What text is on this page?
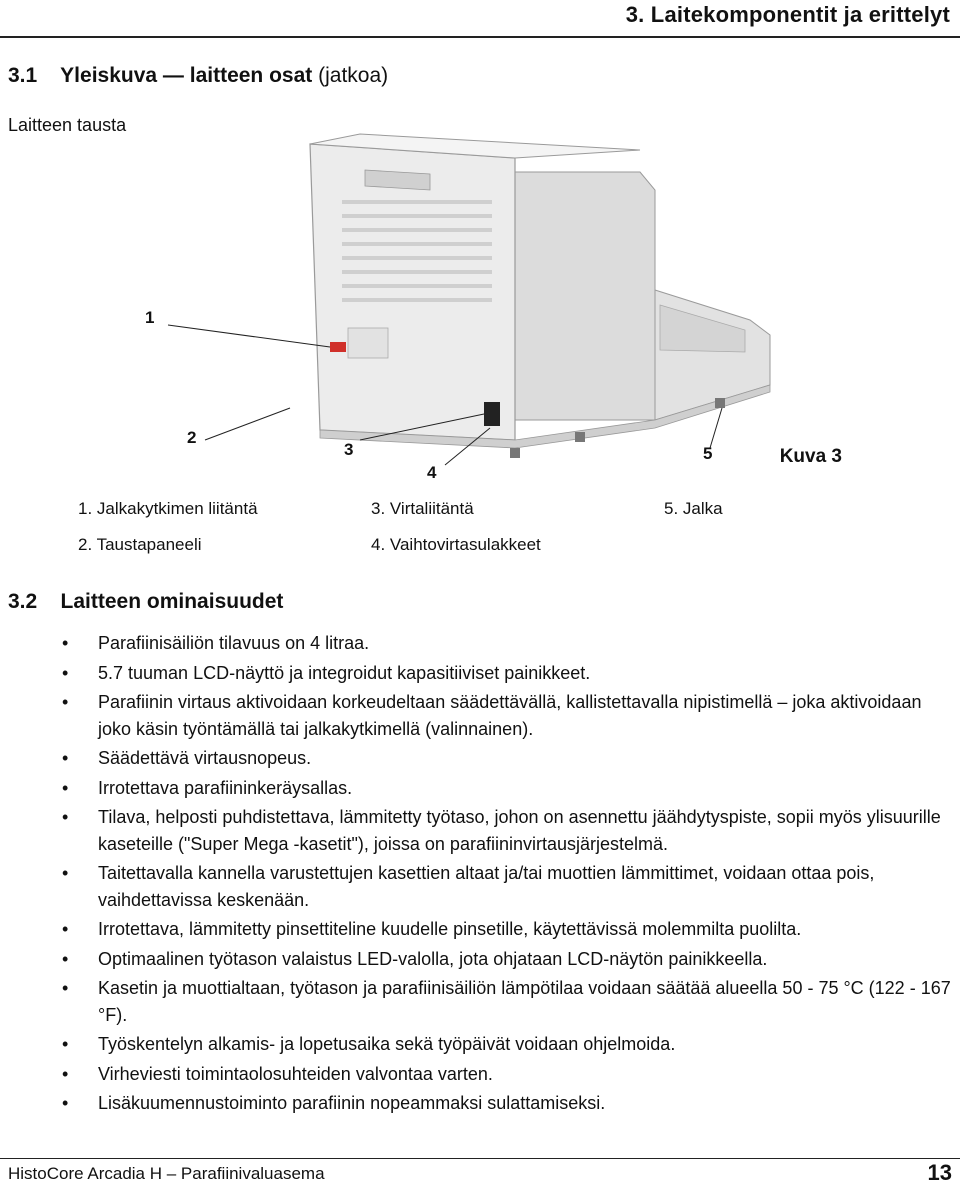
3. Laitekomponentit ja erittelyt
3.1 Yleiskuva — laitteen osat (jatkoa)
Laitteen tausta
1
2
3
4
5	Kuva 3
1. Jalkakytkimen liitäntä
2. Taustapaneeli
3. Virtaliitäntä
4. Vaihtovirtasulakkeet
5. Jalka
3.2 Laitteen ominaisuudet
• Parafiinisäiliön tilavuus on 4 litraa.
• 5.7 tuuman LCD-näyttö ja integroidut kapasitiiviset painikkeet.
• Parafiinin virtaus aktivoidaan korkeudeltaan säädettävällä, kallistettavalla nipistimellä – joka aktivoidaan joko käsin työntämällä tai jalkakytkimellä (valinnainen).
• Säädettävä virtausnopeus.
• Irrotettava parafiininkeräysallas.
• Tilava, helposti puhdistettava, lämmitetty työtaso, johon on asennettu jäähdytyspiste, sopii myös ylisuurille kaseteille ("Super Mega -kasetit"), joissa on parafiininvirtausjärjestelmä.
• Taitettavalla kannella varustettujen kasettien altaat ja/tai muottien lämmittimet, voidaan ottaa pois, vaihdettavissa keskenään.
• Irrotettava, lämmitetty pinsettiteline kuudelle pinsetille, käytettävissä molemmilta puolilta.
• Optimaalinen työtason valaistus LED-valolla, jota ohjataan LCD-näytön painikkeella.
• Kasetin ja muottialtaan, työtason ja parafiinisäiliön lämpötilaa voidaan säätää alueella 50 - 75 °C (122 - 167 °F).
• Työskentelyn alkamis- ja lopetusaika sekä työpäivät voidaan ohjelmoida.
• Virheviesti toimintaolosuhteiden valvontaa varten.
• Lisäkuumennustoiminto parafiinin nopeammaksi sulattamiseksi.
HistoCore Arcadia H – Parafiinivaluasema	13
